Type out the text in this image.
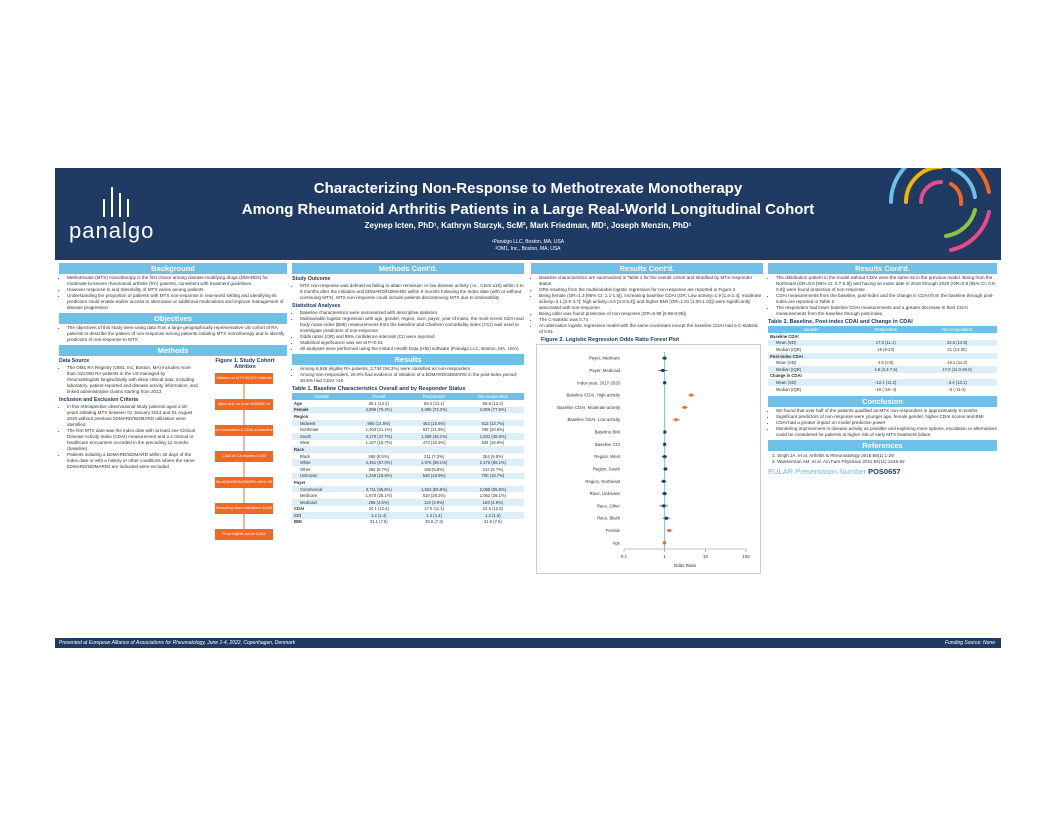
panalgo
Characterizing Non-Response to Methotrexate Monotherapy
Among Rheumatoid Arthritis Patients in a Large Real-World Longitudinal Cohort
Zeynep Icten, PhD¹, Kathryn Starzyk, ScM², Mark Friedman, MD¹, Joseph Menzin, PhD¹
¹Panalgo LLC, Boston, MA, USA
²OM1, Inc., Boston, MA, USA
Background
• Methotrexate (MTX) monotherapy is the first choice among disease-modifying drugs (DMARDs) for moderate-to-severe rheumatoid arthritis (RA) patients, consistent with treatment guidelines
• However response to and tolerability of MTX varies among patients
• Understanding the proportion of patients with MTX non-response in real-world setting and identifying its predictors could enable earlier access to alternative or additional medications and improve management of disease progression
Objectives
• The objectives of this study were using data from a large geographically representative US cohort of RA patients to describe the pattern of non-response among patients initiating MTX monotherapy and to identify predictors of non-response to MTX
Methods
Data Source
• The OM1 RA Registry (OM1, Inc; Boston, MA) includes more than 310,000 RA patients in the US managed by rheumatologists longitudinally with deep clinical data, including laboratory, patient-reported and disease activity information, and linked administrative claims starting from 2013
Inclusion and Exclusion Criteria
• In this retrospective observational study patients aged ≥ 18 years initiating MTX between 01 January 2014 and 01 August 2020 without previous bDMARD/tsDMARD utilization were identified
• The first MTX date was the index date with at least one Clinical Disease Activity Index (CDAI) measurement and ≥ 2 clinical or healthcare encounters recorded in the preceding 12 months (baseline)
• Patients initiating a bDMARD/tsDMARD within 30 days of the index date or with a history or other conditions where the same bDMARD/tsDMARDs are indicated were excluded
Figure 1. Study Cohort Attrition
Initiated on MTX 86,000 Patients
Aged ≥18, no prior bDMARD at baseline 46,000 Patients
≥2 encounters & CDAI at baseline 18,500 Patients
CDAI at 3-9 months 9,300 Patients
No bDMARD/tsDMARD within 30 days 6,700 Patients
Excluding other indications 6,646 Patients
Final eligible cohort 6,646 Patients
Methods Cont'd.
Study Outcome
• MTX non-response was defined as failing to attain remission or low disease activity (i.e., CDAI ≤10) within 3 to 9 months after the initiation and bDMARD/tsDMARD within 9 months following the index date (with or without continuing MTX). MTX non-response could include patients discontinuing MTX due to intolerability
Statistical Analyses
• Baseline characteristics were summarized with descriptive statistics
• Multivariable logistic regression with age, gender, region, race, payer, year of index, the most recent CDAI and body mass index (BMI) measurements from the baseline and Charlson comorbidity index (CCI) was used to investigate predictors of non-response
• Odds ratios (OR) and 95% confidence intervals (CI) were reported
• Statistical significance was set at P<0.01
• All analyses were performed using the Instant Health Data (IHD) software (Panalgo LLC, Boston, MA, USA)
Results
• Among 6,646 eligible RA patients, 3,744 (56.3%) were classified as non-responders
• Among non-responders, 26.9% had evidence of initiation of a bDMARD/tsDMARD in the post-index period; 40.5% had CDAI >10
Table 1. Baseline Characteristics Overall and by Responder Status
Variable	Overall	Responders	Non-responders
Age	59.1 (13.2)	59.4 (13.1)	58.8 (13.3)
Female	4,996 (75.2%)	2,096 (72.2%)	2,900 (77.5%)
Region			
Midwest	966 (14.5%)	453 (15.6%)	513 (13.7%)
Northeast	1,403 (21.1%)	637 (21.9%)	766 (20.5%)
South	3,170 (47.7%)	1,339 (46.1%)	1,831 (48.9%)
West	1,107 (16.7%)	473 (16.3%)	634 (16.9%)
Race			
Black	565 (8.5%)	211 (7.3%)	354 (9.5%)
White	4,451 (67.0%)	1,975 (68.1%)	2,476 (66.1%)
Other	382 (5.7%)	168 (5.8%)	214 (5.7%)
Unknown	1,248 (18.8%)	548 (18.9%)	700 (18.7%)
Payer			
Commercial	3,711 (55.8%)	1,623 (55.9%)	2,088 (55.8%)
Medicare	1,870 (28.1%)	818 (28.2%)	1,052 (28.1%)
Medicaid	296 (4.5%)	113 (3.9%)	183 (4.9%)
CDAI	20.1 (12.4)	17.0 (11.1)	22.5 (12.8)
CCI	1.2 (1.4)	1.2 (1.4)	1.2 (1.5)
BMI	31.1 (7.6)	30.6 (7.3)	31.5 (7.8)
Results Cont'd.
• Baseline characteristics are summarized in Table 1 for the overall cohort and stratified by MTX responder status
• ORs resulting from the multivariable logistic regression for non-response are reported in Figure 2
• Being female (OR=1.3 [95% CI: 1.1-1.5]), increasing baseline CDAI (OR: Low activity=1.9 [1.6-2.4]; moderate activity=3.1 [2.6-3.7]; high activity=4.5 [3.8-5.4]) and higher BMI (OR=1.01 [1.00-1.02]) were significantly associated with non-response
• Being older was found protective of non-response (OR=0.99 [0.98-0.99])
• The C-statistic was 0.74
• An alternative logistic regression model with the same covariates except the baseline CDAI had a C-statistic of 0.61
Figure 2. Logistic Regression Odds Ratio Forest Plot
0.1	1	10	100
Odds Ratio
Payer, Medicare
Payer, Medicaid
Index year, 2017-2020
Baseline CDAI, High activity
Baseline CDAI, Moderate activity
Baseline CDAI, Low activity
Baseline BMI
Baseline CCI
Region, West
Region, South
Region, Northeast
Race, Unknown
Race, Other
Race, Black
Female
Age
Results Cont'd.
• The distribution pattern in the model without CDAI were the same as in the previous model. Being from the Northeast (OR=0.8 [95% CI: 0.7-0.9]) and having an index date in 2018 through 2020 (OR=0.8 [95% CI: 0.6-0.9]) were found protective of non-response
• CDAI measurements from the baseline, post-index and the change in CDAI from the baseline through post-index are reported in Table 2
• The responders had lower baseline CDAI measurements and a greater decrease in their CDAI measurements from the baseline through post-index
Table 2. Baseline, Post-index CDAI and Change in CDAI
Variable	Responders	Non-responders
Baseline CDAI		
Mean (SD)	17.0 (11.1)	22.5 (12.8)
Median (IQR)	15 (8-24)	21 (13-30)
Post-index CDAI		
Mean (SD)	4.9 (3.0)	19.1 (11.0)
Median (IQR)	4.6 (2.4-7.5)	17.0 (11.0-25.0)
Change in CDAI		
Mean (SD)	-12.1 (11.2)	-3.4 (13.1)
Median (IQR)	-10 (-18--4)	-3 (-11-4)
Conclusion
• We found that over half of the patients qualified as MTX non-responders in approximately 6 months
• Significant predictors of non-response were younger age, female gender, higher CDAI scores and BMI
• CDAI had a greater impact on model predictive power
• Monitoring improvement in disease activity as possible and exploring more options, escalation or alternatives could be considered for patients at higher risk of early MTX treatment failure
References
1. Singh JA, et al. Arthritis & Rheumatology 2016;68(1):1-26
2. Wasserman AM, et al. Am Fam Physician 2011;84(11):1245-52
EULAR Presentation Number POS0657
Presented at European Alliance of Associations for Rheumatology, June 1-4, 2022, Copenhagen, Denmark	Funding Source: None
